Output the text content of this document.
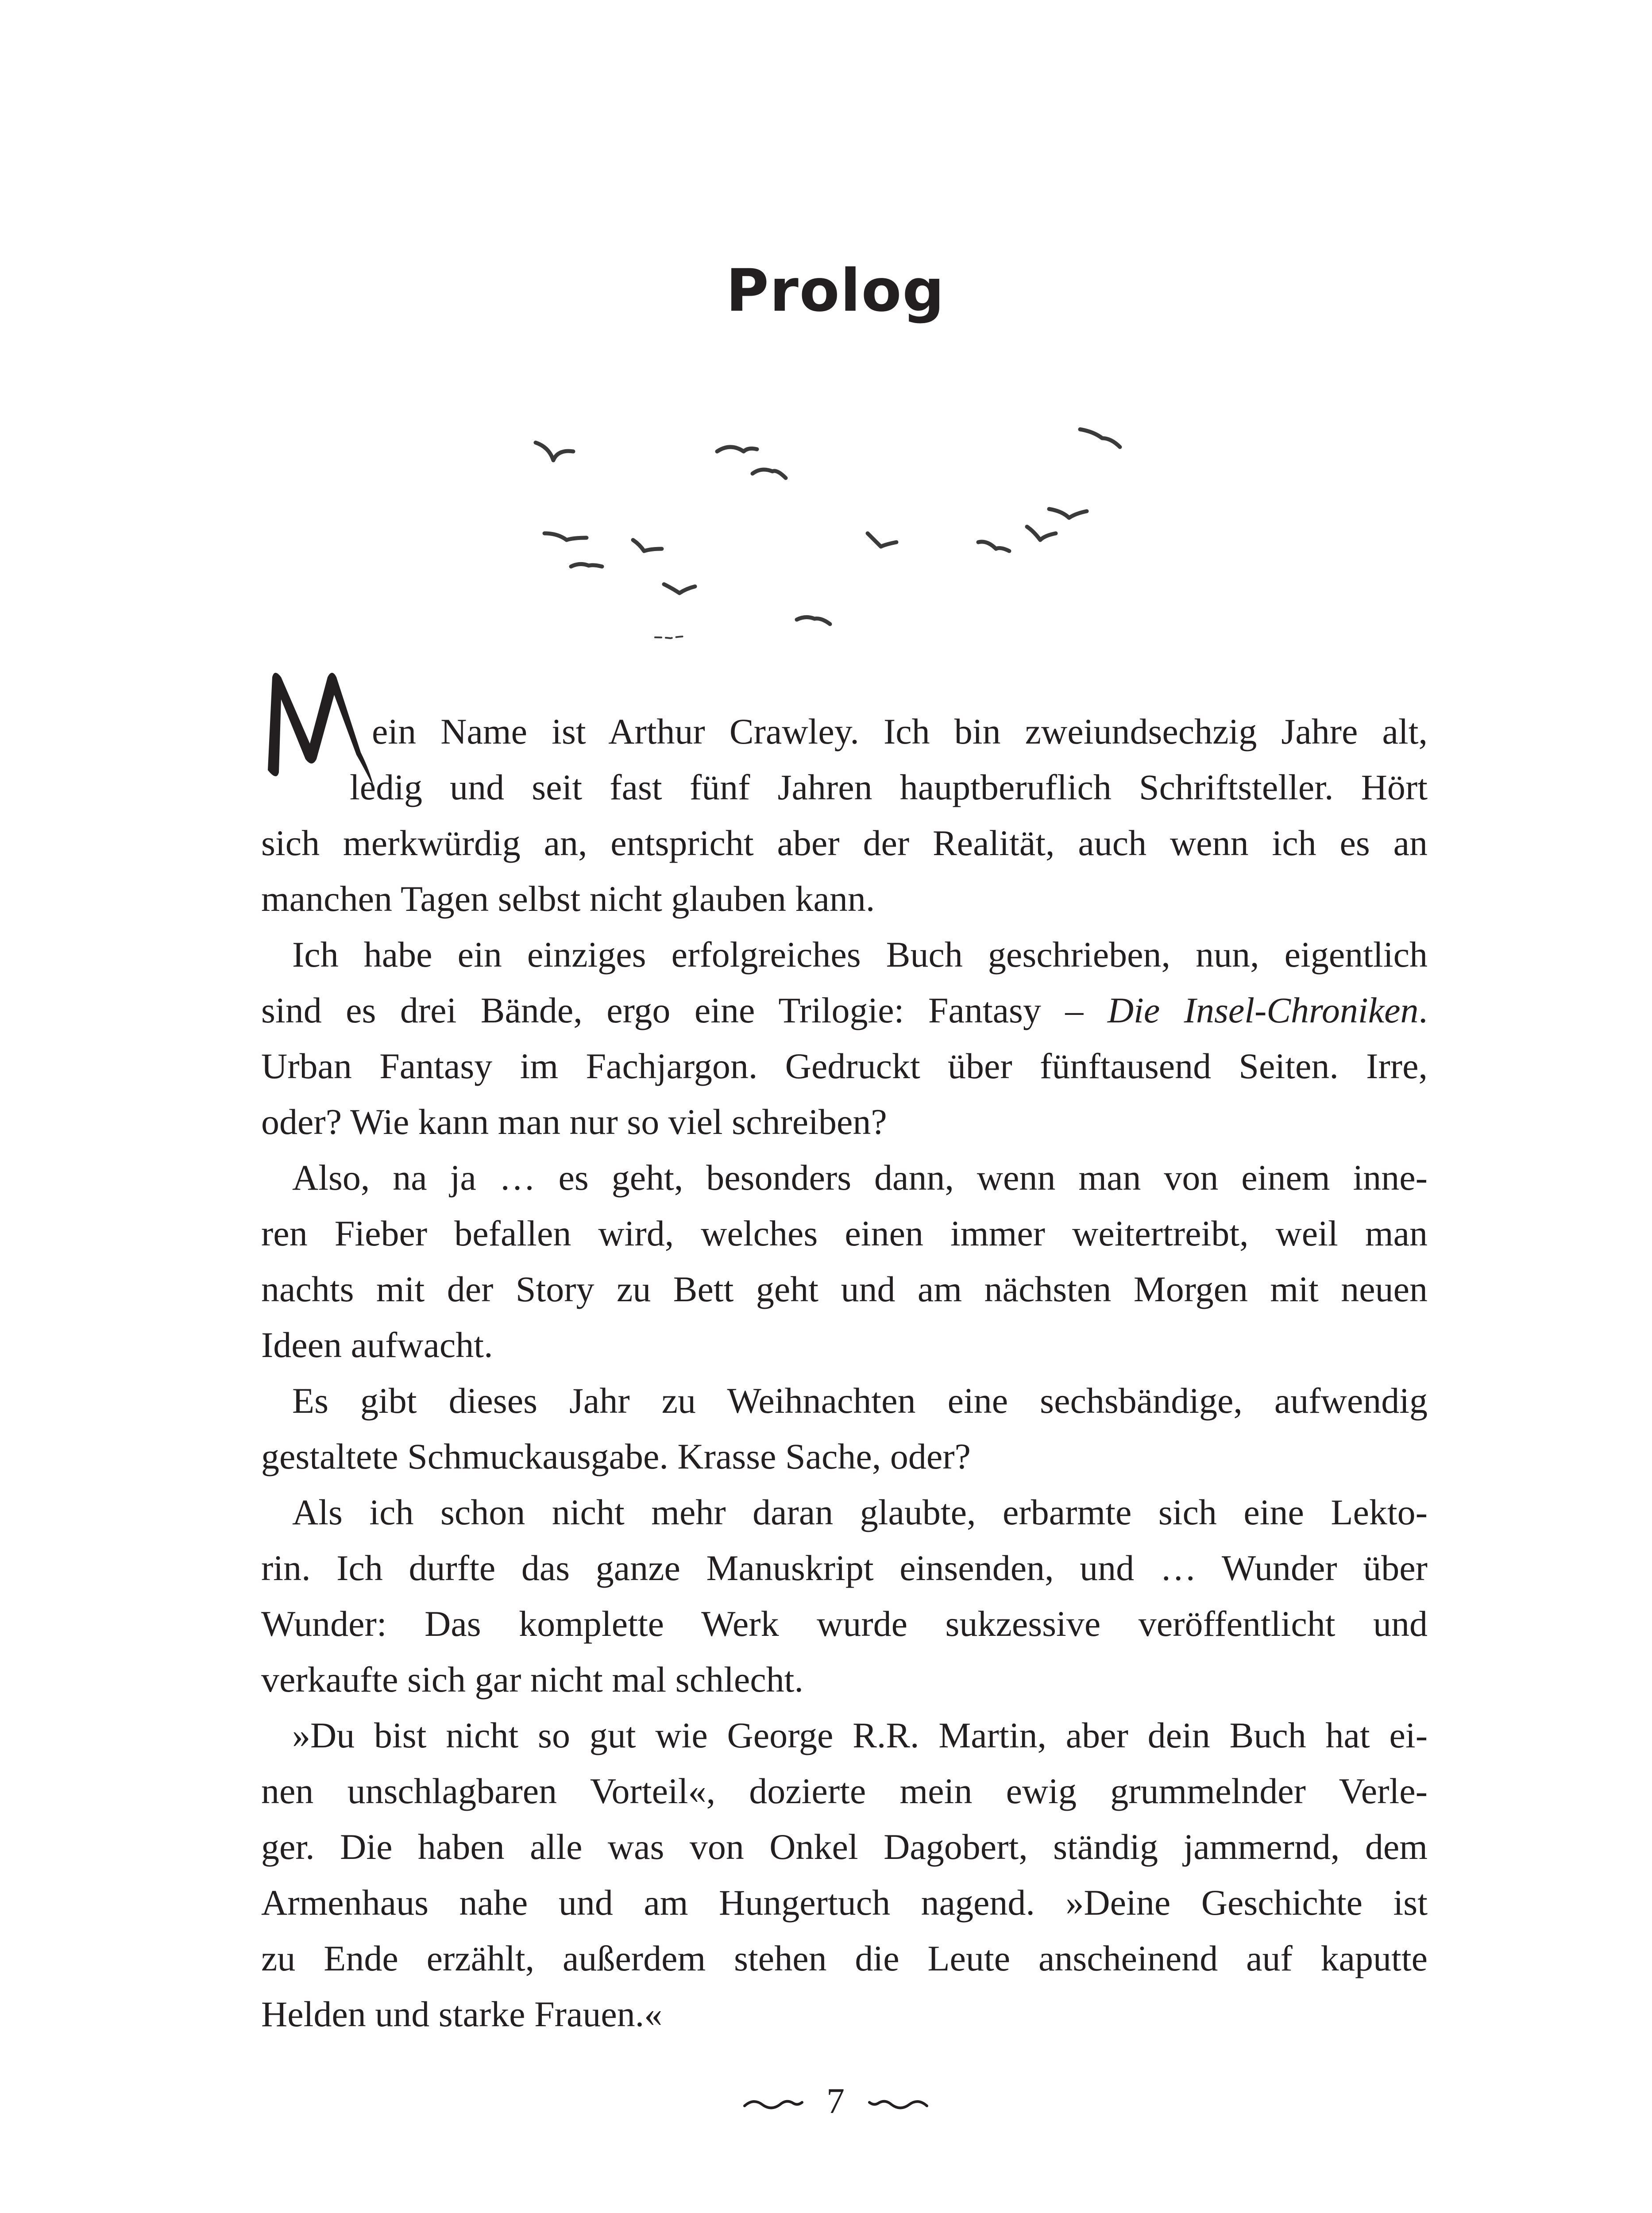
Prolog

ein Name ist Arthur Crawley. Ich bin zweiundsechzig Jahre alt,
ledig und seit fast fünf Jahren hauptberuflich Schriftsteller. Hört
sich merkwürdig an, entspricht aber der Realität, auch wenn ich es an
manchen Tagen selbst nicht glauben kann.

Ich habe ein einziges erfolgreiches Buch geschrieben, nun, eigentlich
sind es drei Bände, ergo eine Trilogie: Fantasy – Die Insel-Chroniken.
Urban Fantasy im Fachjargon. Gedruckt über fünftausend Seiten. Irre,
oder? Wie kann man nur so viel schreiben?

Also, na ja … es geht, besonders dann, wenn man von einem inne-
ren Fieber befallen wird, welches einen immer weitertreibt, weil man
nachts mit der Story zu Bett geht und am nächsten Morgen mit neuen
Ideen aufwacht.

Es gibt dieses Jahr zu Weihnachten eine sechsbändige, aufwendig
gestaltete Schmuckausgabe. Krasse Sache, oder?

Als ich schon nicht mehr daran glaubte, erbarmte sich eine Lekto-
rin. Ich durfte das ganze Manuskript einsenden, und … Wunder über
Wunder: Das komplette Werk wurde sukzessive veröffentlicht und
verkaufte sich gar nicht mal schlecht.

»Du bist nicht so gut wie George R.R. Martin, aber dein Buch hat ei-
nen unschlagbaren Vorteil«, dozierte mein ewig grummelnder Verle-
ger. Die haben alle was von Onkel Dagobert, ständig jammernd, dem
Armenhaus nahe und am Hungertuch nagend. »Deine Geschichte ist
zu Ende erzählt, außerdem stehen die Leute anscheinend auf kaputte
Helden und starke Frauen.«

7
